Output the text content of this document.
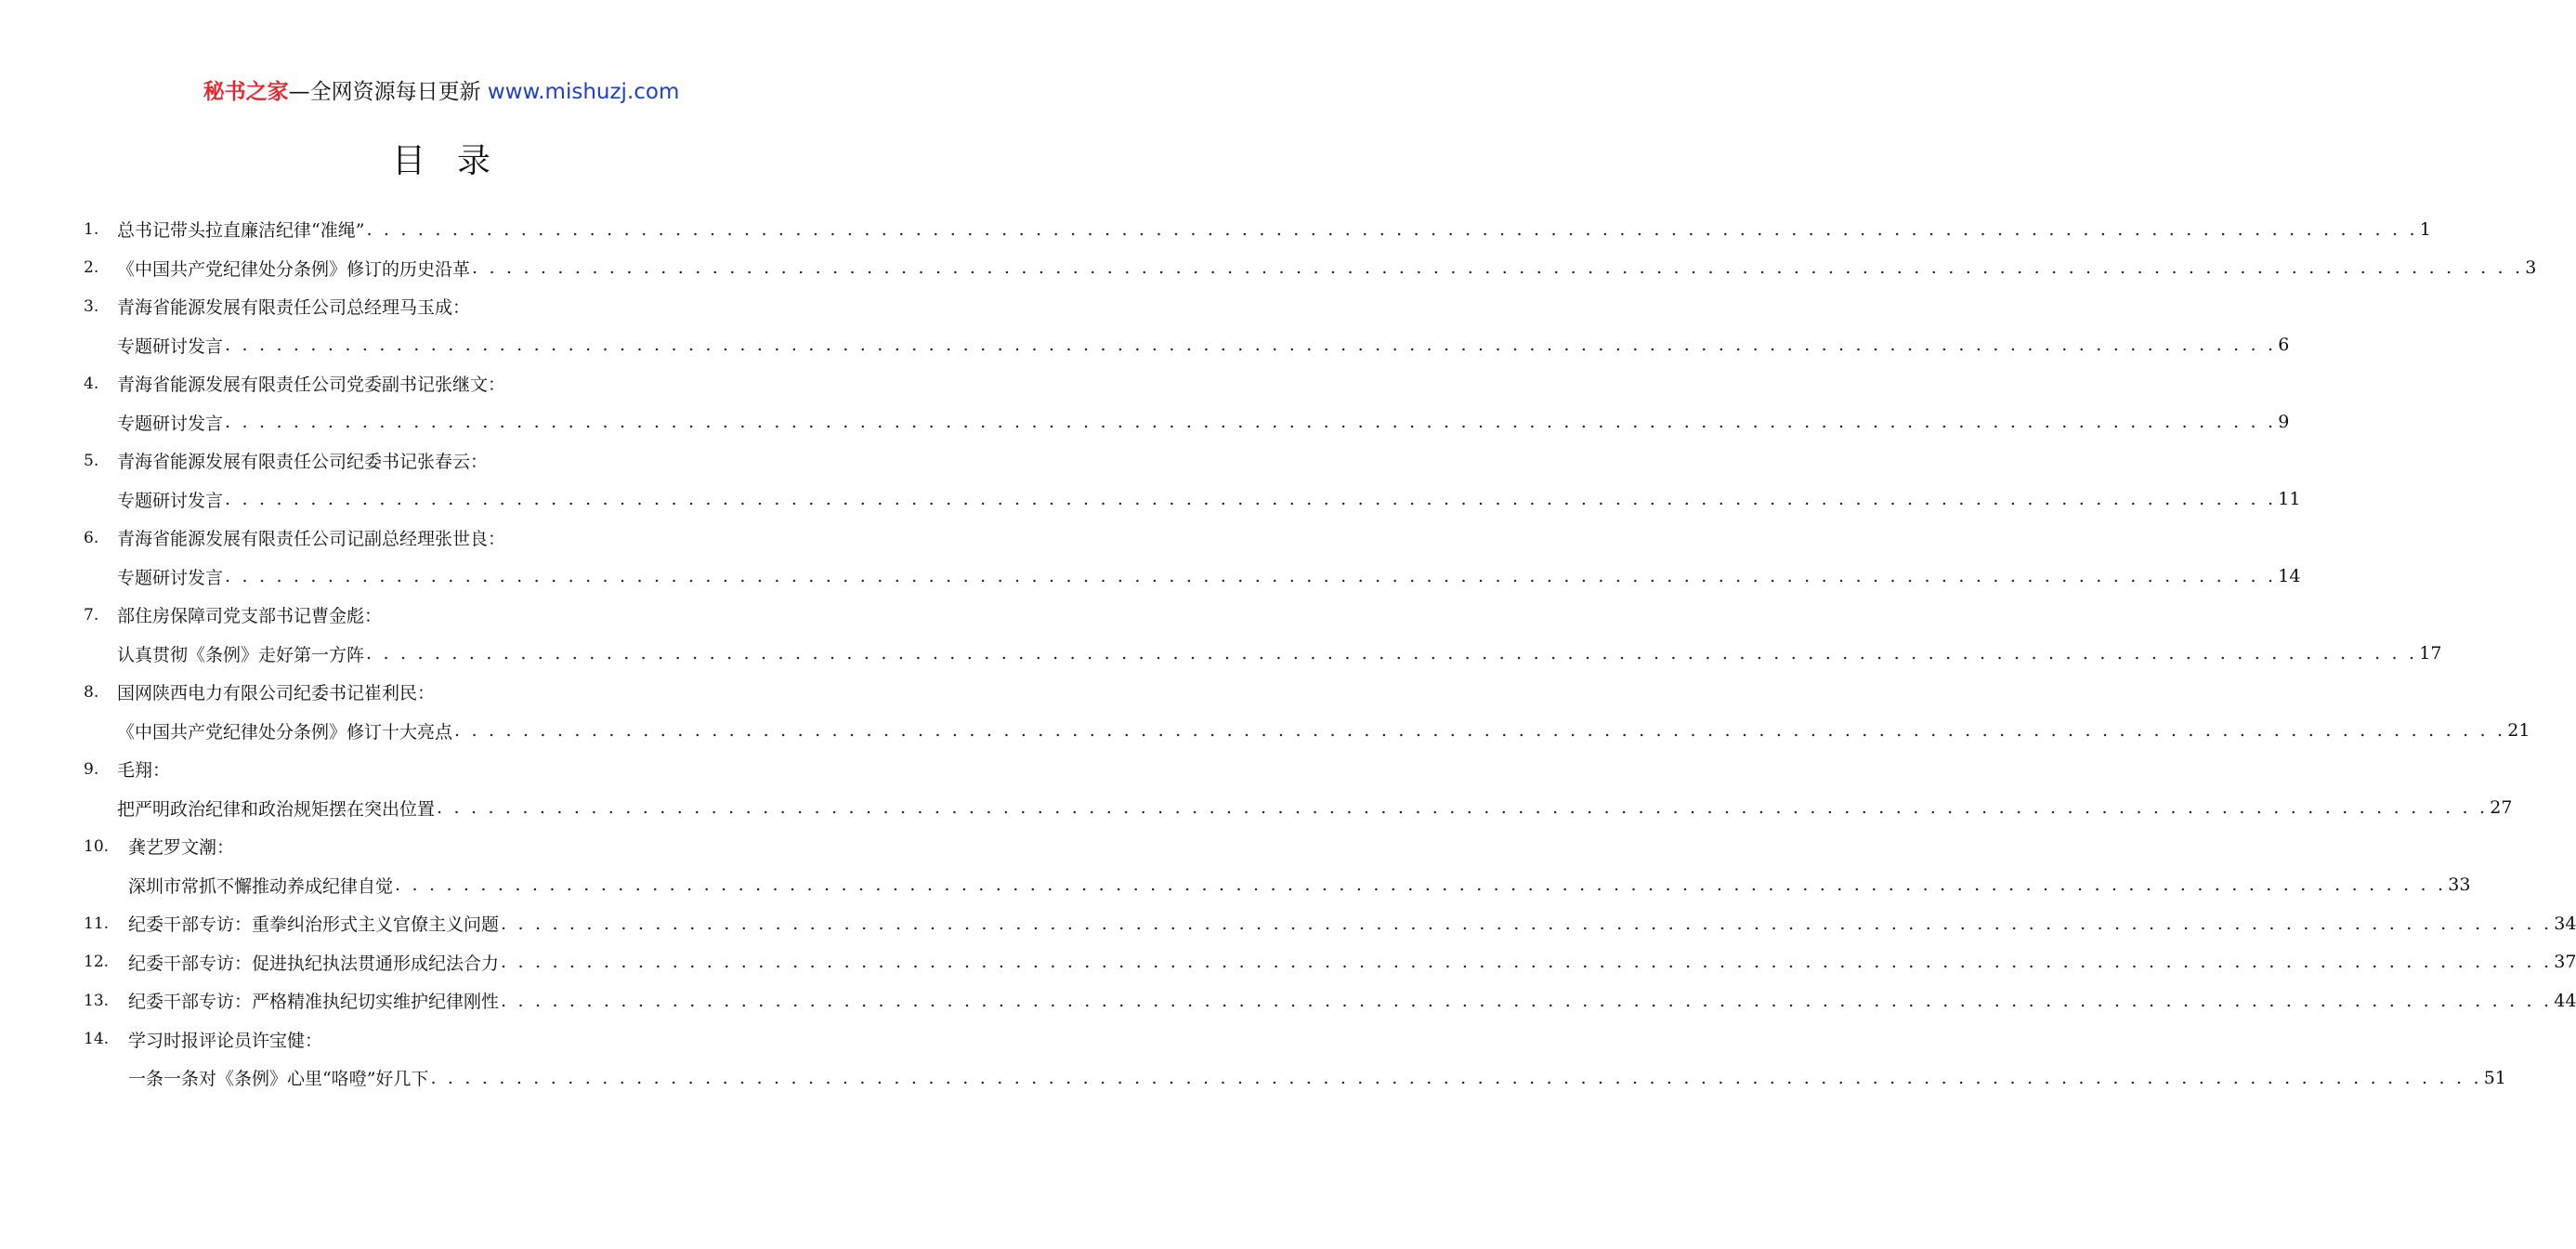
秘书之家—全网资源每日更新 www.mishuzj.com
目录
1.	总书记带头拉直廉洁纪律“准绳” . . . . . . . . . . . . . . . . . . . . . . . . . . . . . . . . . . . . . . . . . . . . . . . . . . . . . . . . . . . . . . . . . . . . . . . . . . . . . . . . . . . . . . . . . . . . . . . . . . . . . . . . . . . . . . . . . . . . . . . . 1
2.	《中国共产党纪律处分条例》修订的历史沿革 . . . . . . . . . . . . . . . . . . . . . . . . . . . . . . . . . . . . . . . . . . . . . . . . . . . . . . . . . . . . . . . . . . . . . . . . . . . . . . . . . . . . . . . . . . . . . . . . . . . . . . . . . . . . . . . . . . . . . . . . 3
3.	青海省能源发展有限责任公司总经理马玉成：
专题研讨发言 . . . . . . . . . . . . . . . . . . . . . . . . . . . . . . . . . . . . . . . . . . . . . . . . . . . . . . . . . . . . . . . . . . . . . . . . . . . . . . . . . . . . . . . . . . . . . . . . . . . . . . . . . . . . . . . . . . . . . . . . 6
4.	青海省能源发展有限责任公司党委副书记张继文：
专题研讨发言 . . . . . . . . . . . . . . . . . . . . . . . . . . . . . . . . . . . . . . . . . . . . . . . . . . . . . . . . . . . . . . . . . . . . . . . . . . . . . . . . . . . . . . . . . . . . . . . . . . . . . . . . . . . . . . . . . . . . . . . . 9
5.	青海省能源发展有限责任公司纪委书记张春云：
专题研讨发言 . . . . . . . . . . . . . . . . . . . . . . . . . . . . . . . . . . . . . . . . . . . . . . . . . . . . . . . . . . . . . . . . . . . . . . . . . . . . . . . . . . . . . . . . . . . . . . . . . . . . . . . . . . . . . . . . . . . . . . . . 11
6.	青海省能源发展有限责任公司记副总经理张世良：
专题研讨发言 . . . . . . . . . . . . . . . . . . . . . . . . . . . . . . . . . . . . . . . . . . . . . . . . . . . . . . . . . . . . . . . . . . . . . . . . . . . . . . . . . . . . . . . . . . . . . . . . . . . . . . . . . . . . . . . . . . . . . . . . 14
7.	部住房保障司党支部书记曹金彪：
认真贯彻《条例》走好第一方阵 . . . . . . . . . . . . . . . . . . . . . . . . . . . . . . . . . . . . . . . . . . . . . . . . . . . . . . . . . . . . . . . . . . . . . . . . . . . . . . . . . . . . . . . . . . . . . . . . . . . . . . . . . . . . . . . . . . . . . . . . 17
8.	国网陕西电力有限公司纪委书记崔利民：
《中国共产党纪律处分条例》修订十大亮点 . . . . . . . . . . . . . . . . . . . . . . . . . . . . . . . . . . . . . . . . . . . . . . . . . . . . . . . . . . . . . . . . . . . . . . . . . . . . . . . . . . . . . . . . . . . . . . . . . . . . . . . . . . . . . . . . . . . . . . . . 21
9.	毛翔：
把严明政治纪律和政治规矩摆在突出位置 . . . . . . . . . . . . . . . . . . . . . . . . . . . . . . . . . . . . . . . . . . . . . . . . . . . . . . . . . . . . . . . . . . . . . . . . . . . . . . . . . . . . . . . . . . . . . . . . . . . . . . . . . . . . . . . . . . . . . . . . 27
10.	龚艺罗文潮：
深圳市常抓不懈推动养成纪律自觉 . . . . . . . . . . . . . . . . . . . . . . . . . . . . . . . . . . . . . . . . . . . . . . . . . . . . . . . . . . . . . . . . . . . . . . . . . . . . . . . . . . . . . . . . . . . . . . . . . . . . . . . . . . . . . . . . . . . . . . . . 33
11.	纪委干部专访：重拳纠治形式主义官僚主义问题 . . . . . . . . . . . . . . . . . . . . . . . . . . . . . . . . . . . . . . . . . . . . . . . . . . . . . . . . . . . . . . . . . . . . . . . . . . . . . . . . . . . . . . . . . . . . . . . . . . . . . . . . . . . . . . . . . . . . . . . . 34
12.	纪委干部专访：促进执纪执法贯通形成纪法合力 . . . . . . . . . . . . . . . . . . . . . . . . . . . . . . . . . . . . . . . . . . . . . . . . . . . . . . . . . . . . . . . . . . . . . . . . . . . . . . . . . . . . . . . . . . . . . . . . . . . . . . . . . . . . . . . . . . . . . . . . 37
13.	纪委干部专访：严格精准执纪切实维护纪律刚性 . . . . . . . . . . . . . . . . . . . . . . . . . . . . . . . . . . . . . . . . . . . . . . . . . . . . . . . . . . . . . . . . . . . . . . . . . . . . . . . . . . . . . . . . . . . . . . . . . . . . . . . . . . . . . . . . . . . . . . . . 44
14.	学习时报评论员许宝健：
一条一条对《条例》心里“咯噔”好几下 . . . . . . . . . . . . . . . . . . . . . . . . . . . . . . . . . . . . . . . . . . . . . . . . . . . . . . . . . . . . . . . . . . . . . . . . . . . . . . . . . . . . . . . . . . . . . . . . . . . . . . . . . . . . . . . . . . . . . . . . 51
